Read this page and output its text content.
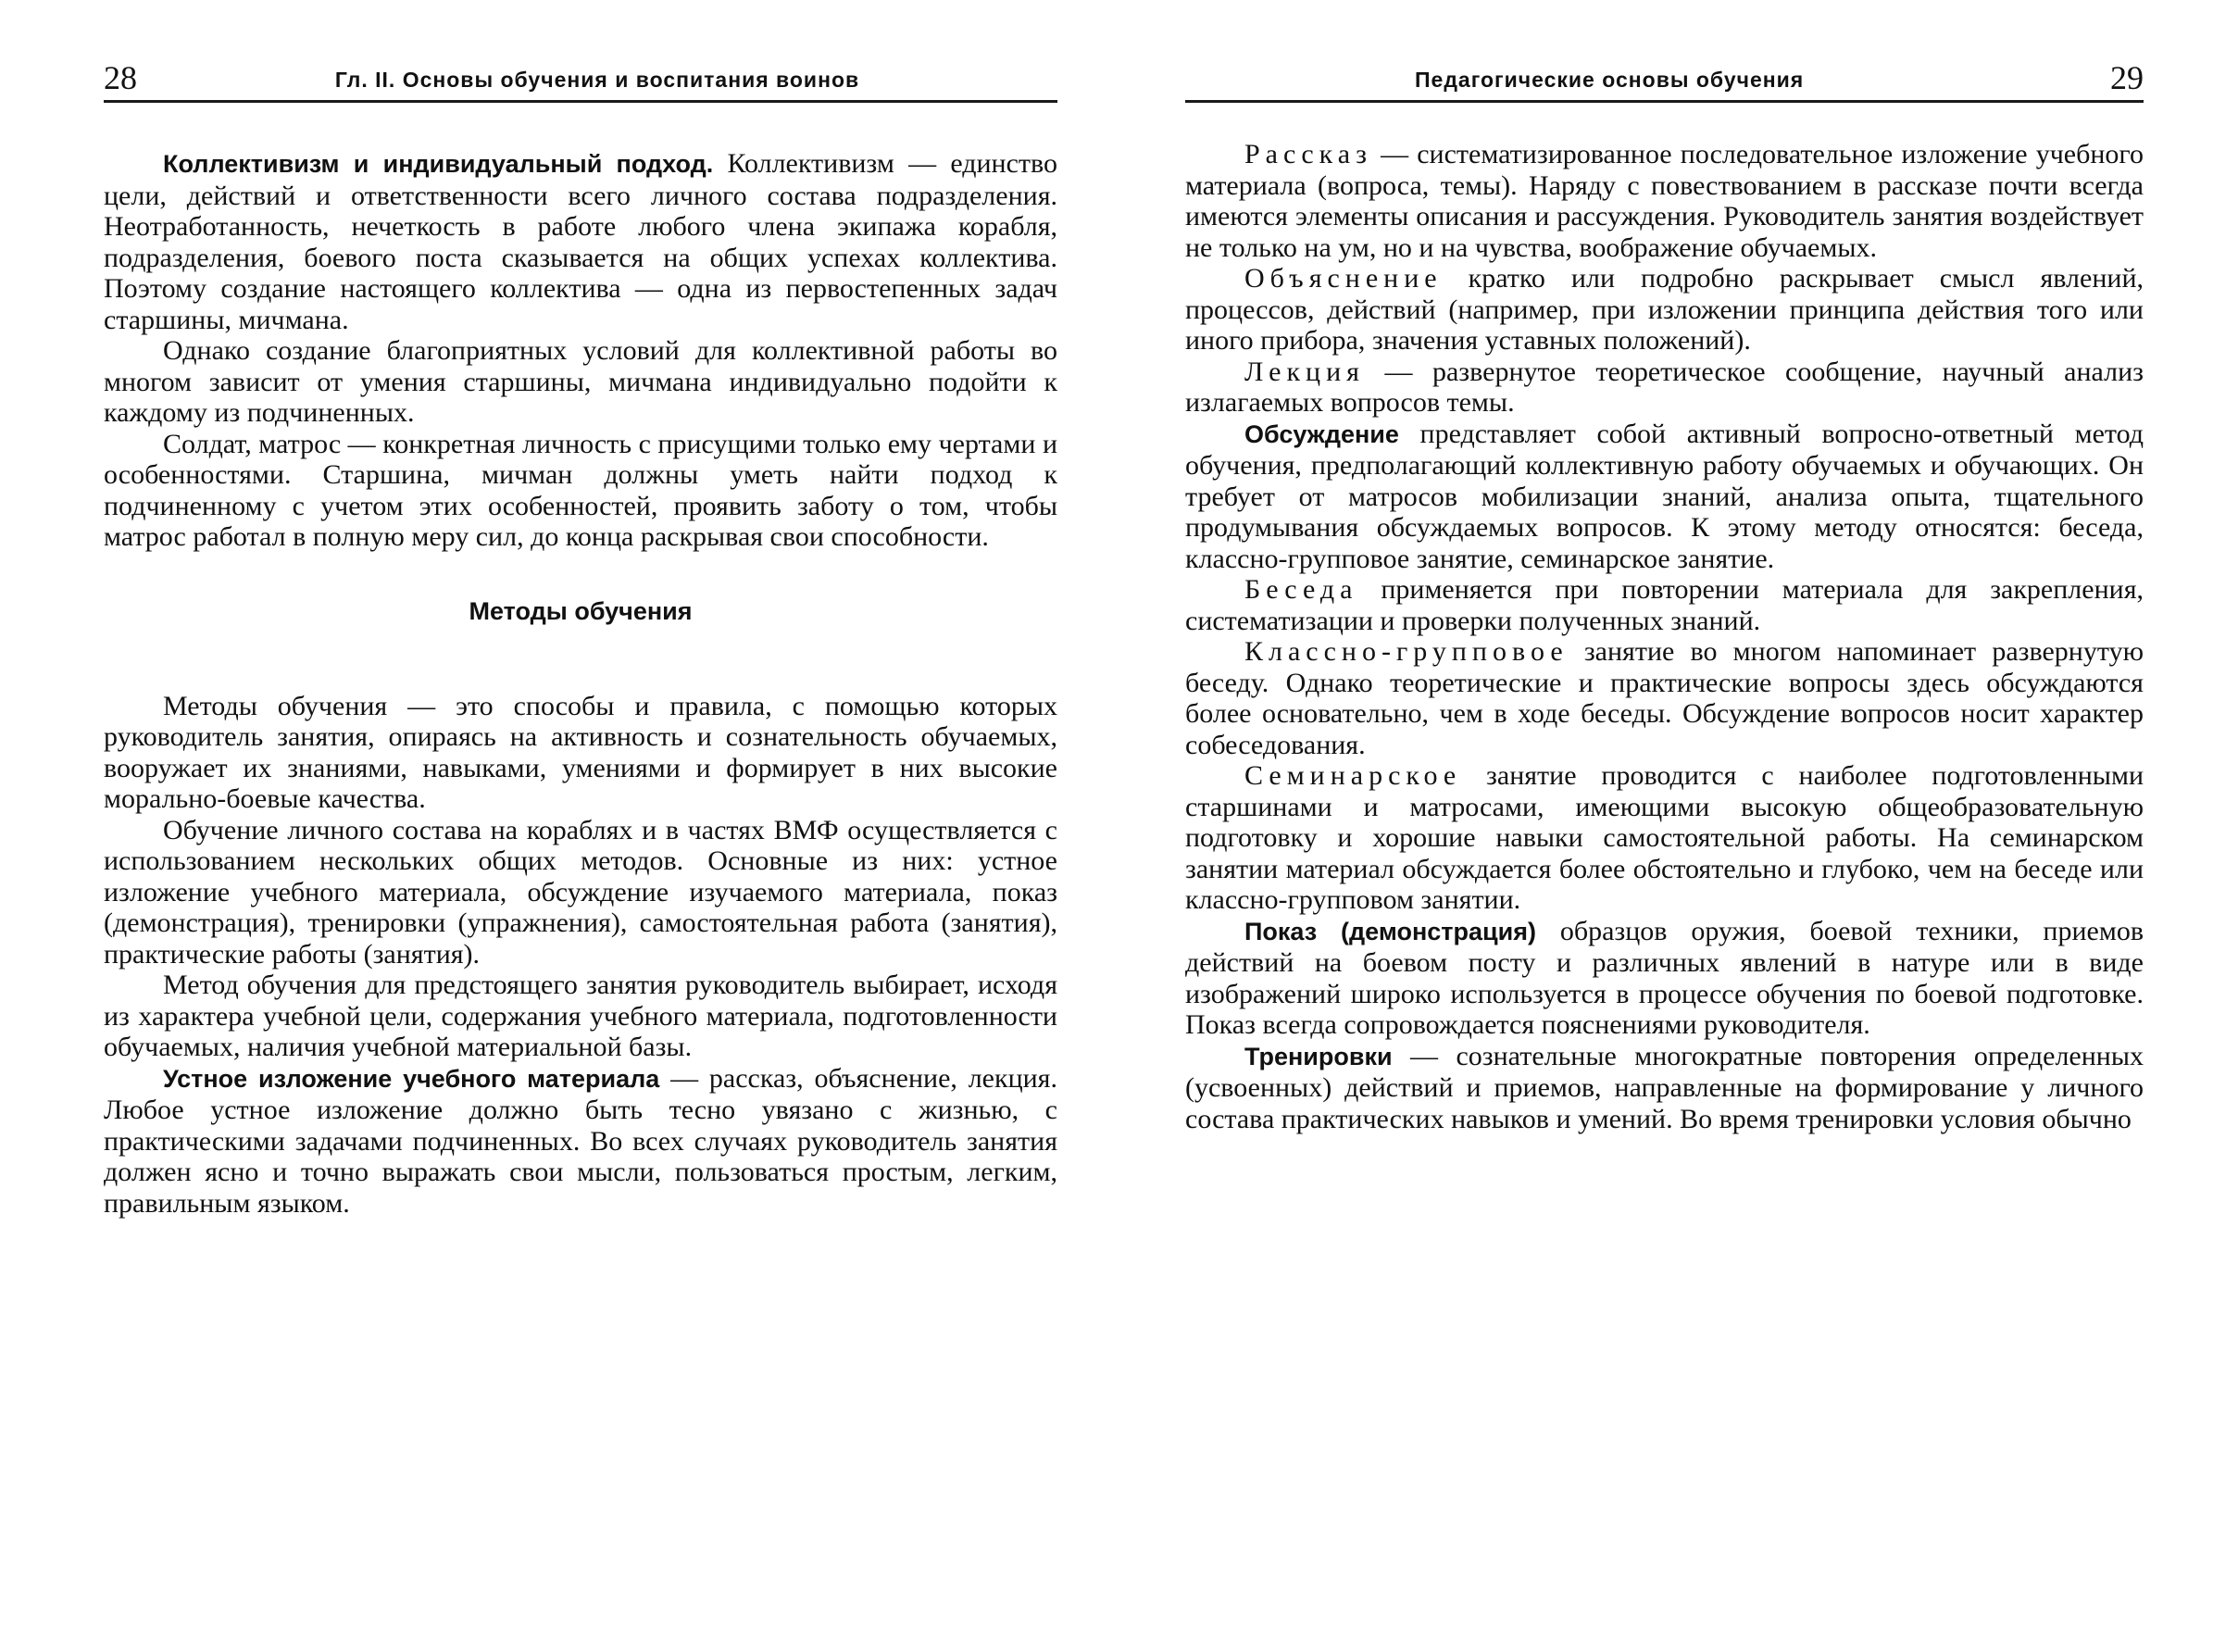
28	Гл. II. Основы обучения и воспитания воинов

Коллективизм и индивидуальный подход. Коллективизм — единство цели, действий и ответственности всего личного состава подразделения. Неотработанность, нечеткость в работе любого члена экипажа корабля, подразделения, боевого поста сказывается на общих успехах коллектива. Поэтому создание настоящего коллектива — одна из первостепенных задач старшины, мичмана.

Однако создание благоприятных условий для коллективной работы во многом зависит от умения старшины, мичмана индивидуально подойти к каждому из подчиненных.

Солдат, матрос — конкретная личность с присущими только ему чертами и особенностями. Старшина, мичман должны уметь найти подход к подчиненному с учетом этих особенностей, проявить заботу о том, чтобы матрос работал в полную меру сил, до конца раскрывая свои способности.

Методы обучения

Методы обучения — это способы и правила, с помощью которых руководитель занятия, опираясь на активность и сознательность обучаемых, вооружает их знаниями, навыками, умениями и формирует в них высокие морально-боевые качества.

Обучение личного состава на кораблях и в частях ВМФ осуществляется с использованием нескольких общих методов. Основные из них: устное изложение учебного материала, обсуждение изучаемого материала, показ (демонстрация), тренировки (упражнения), самостоятельная работа (занятия), практические работы (занятия).

Метод обучения для предстоящего занятия руководитель выбирает, исходя из характера учебной цели, содержания учебного материала, подготовленности обучаемых, наличия учебной материальной базы.

Устное изложение учебного материала — рассказ, объяснение, лекция. Любое устное изложение должно быть тесно увязано с жизнью, с практическими задачами подчиненных. Во всех случаях руководитель занятия должен ясно и точно выражать свои мысли, пользоваться простым, легким, правильным языком.

Педагогические основы обучения	29

Рассказ — систематизированное последовательное изложение учебного материала (вопроса, темы). Наряду с повествованием в рассказе почти всегда имеются элементы описания и рассуждения. Руководитель занятия воздействует не только на ум, но и на чувства, воображение обучаемых.

Объяснение кратко или подробно раскрывает смысл явлений, процессов, действий (например, при изложении принципа действия того или иного прибора, значения уставных положений).

Лекция — развернутое теоретическое сообщение, научный анализ излагаемых вопросов темы.

Обсуждение представляет собой активный вопросно-ответный метод обучения, предполагающий коллективную работу обучаемых и обучающих. Он требует от матросов мобилизации знаний, анализа опыта, тщательного продумывания обсуждаемых вопросов. К этому методу относятся: беседа, классно-групповое занятие, семинарское занятие.

Беседа применяется при повторении материала для закрепления, систематизации и проверки полученных знаний.

Классно-групповое занятие во многом напоминает развернутую беседу. Однако теоретические и практические вопросы здесь обсуждаются более основательно, чем в ходе беседы. Обсуждение вопросов носит характер собеседования.

Семинарское занятие проводится с наиболее подготовленными старшинами и матросами, имеющими высокую общеобразовательную подготовку и хорошие навыки самостоятельной работы. На семинарском занятии материал обсуждается более обстоятельно и глубоко, чем на беседе или классно-групповом занятии.

Показ (демонстрация) образцов оружия, боевой техники, приемов действий на боевом посту и различных явлений в натуре или в виде изображений широко используется в процессе обучения по боевой подготовке. Показ всегда сопровождается пояснениями руководителя.

Тренировки — сознательные многократные повторения определенных (усвоенных) действий и приемов, направленные на формирование у личного состава практических навыков и умений. Во время тренировки условия обычно
